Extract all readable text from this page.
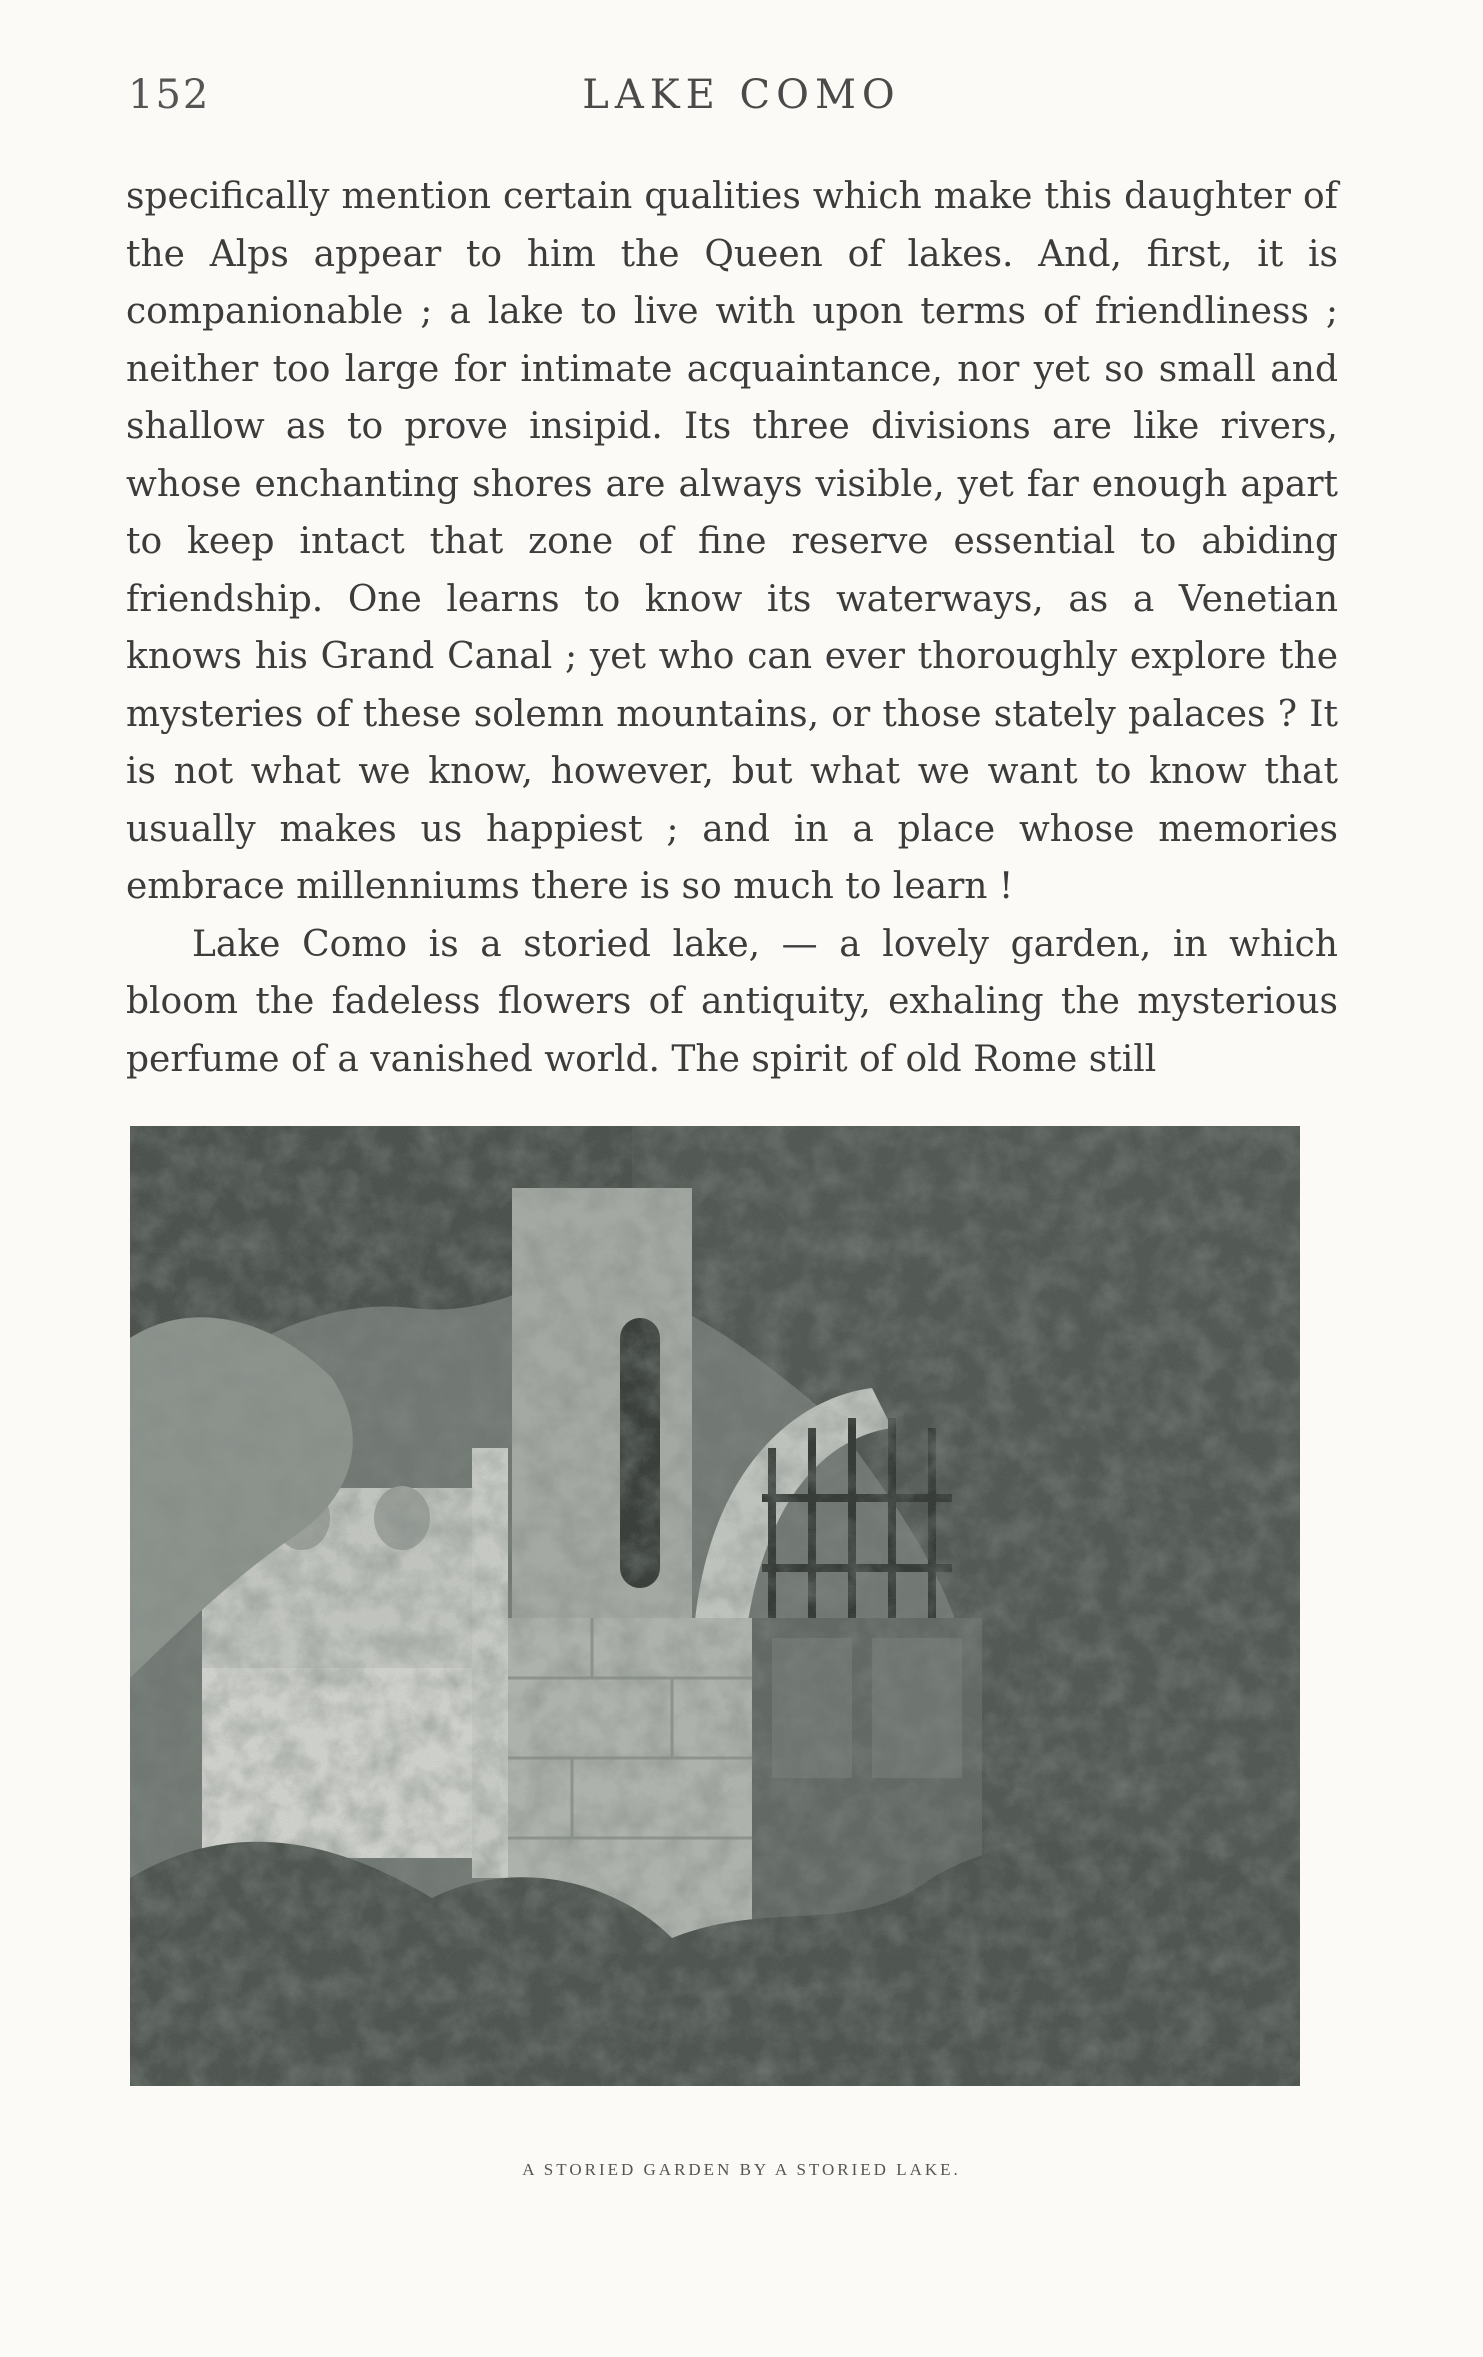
152	LAKE COMO

specifically mention certain qualities which make this daughter of the Alps appear to him the Queen of lakes. And, first, it is companionable ; a lake to live with upon terms of friendliness ; neither too large for intimate acquaintance, nor yet so small and shallow as to prove insipid. Its three divisions are like rivers, whose enchanting shores are always visible, yet far enough apart to keep intact that zone of fine reserve essential to abiding friendship. One learns to know its waterways, as a Venetian knows his Grand Canal ; yet who can ever thoroughly explore the mysteries of these solemn mountains, or those stately palaces ? It is not what we know, however, but what we want to know that usually makes us happiest ; and in a place whose memories embrace millenniums there is so much to learn !

Lake Como is a storied lake, — a lovely garden, in which bloom the fadeless flowers of antiquity, exhaling the mysterious perfume of a vanished world. The spirit of old Rome still

A STORIED GARDEN BY A STORIED LAKE.
